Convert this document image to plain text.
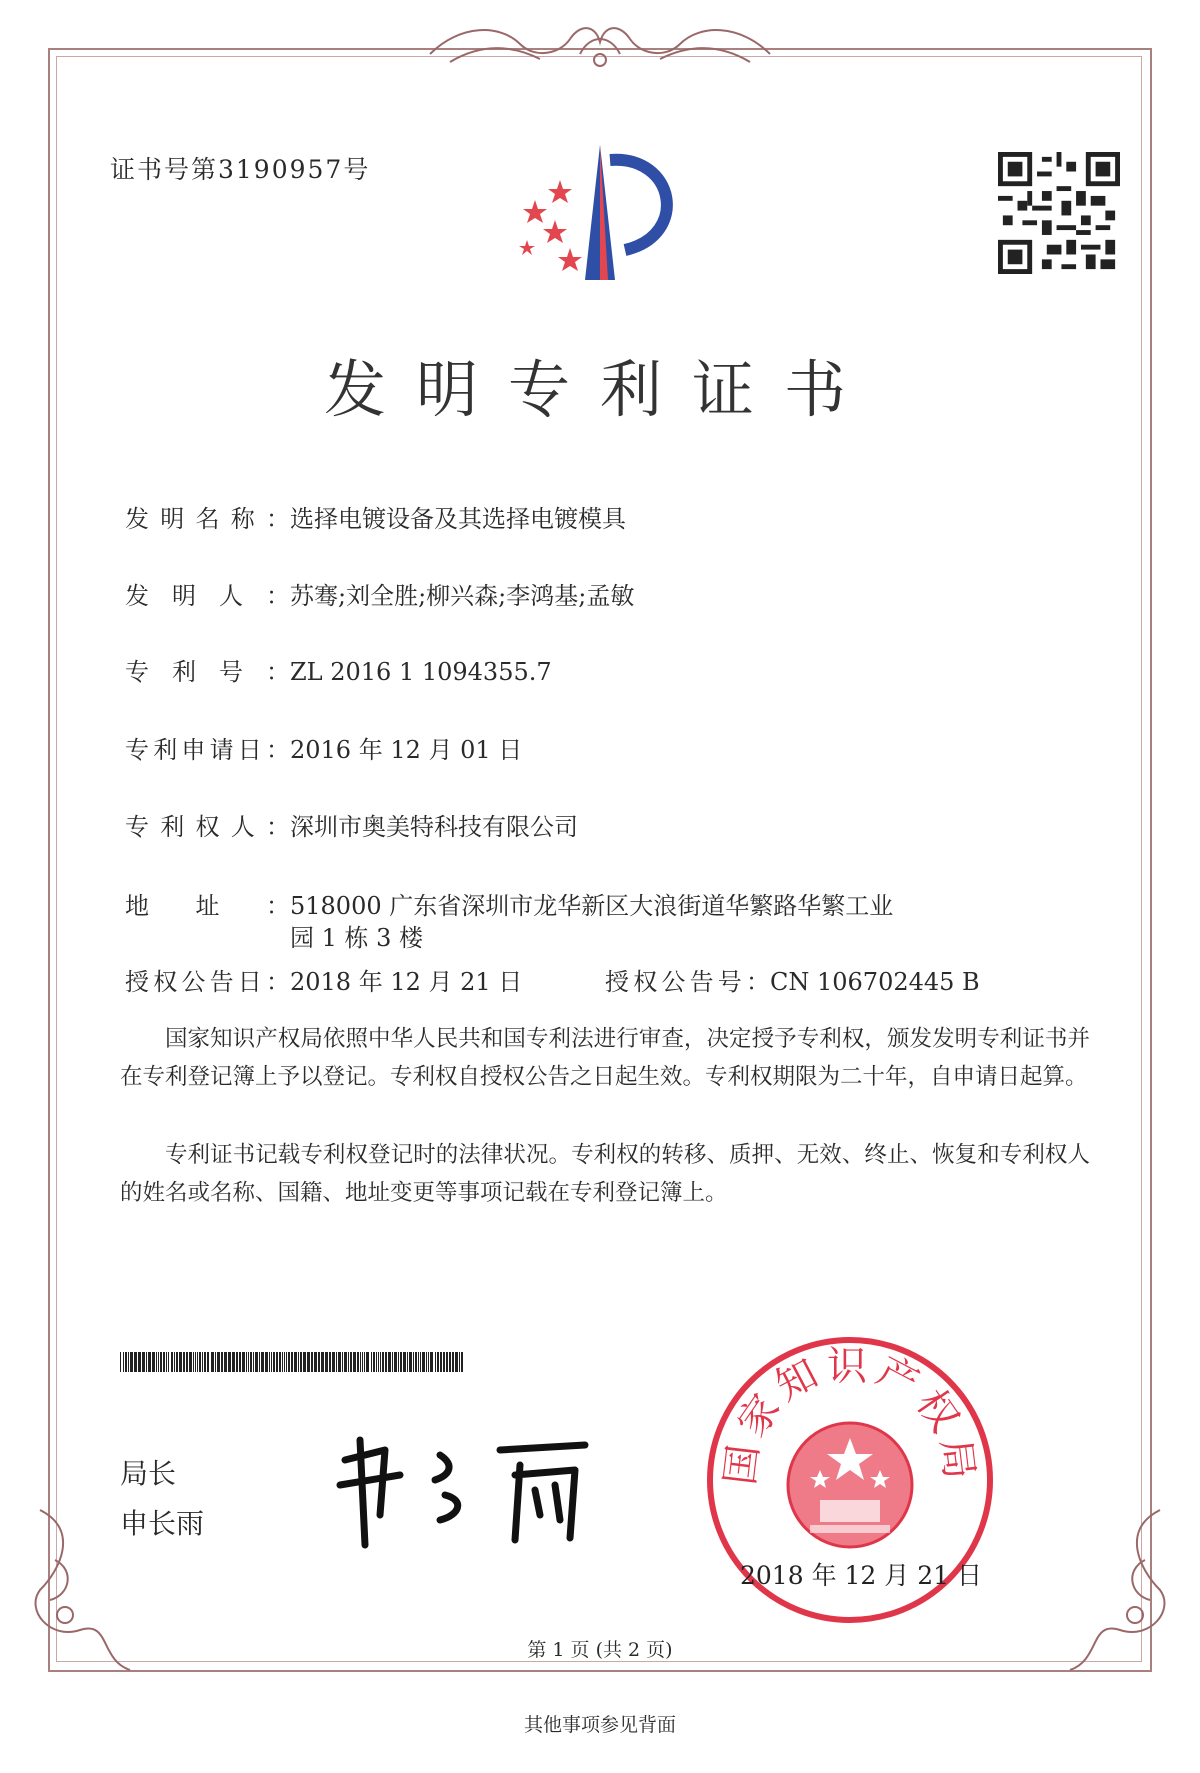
证书号第3190957号
发明专利证书
发明名称：选择电镀设备及其选择电镀模具
发明人：苏骞;刘全胜;柳兴森;李鸿基;孟敏
专利号：ZL 2016 1 1094355.7
专利申请日：2016 年 12 月 01 日
专利权人：深圳市奥美特科技有限公司
地址：518000 广东省深圳市龙华新区大浪街道华繁路华繁工业
园 1 栋 3 楼
授权公告日：2018 年 12 月 21 日	授权公告号：CN 106702445 B
国家知识产权局依照中华人民共和国专利法进行审查，决定授予专利权，颁发发明专利证书并在专利登记簿上予以登记。专利权自授权公告之日起生效。专利权期限为二十年，自申请日起算。
专利证书记载专利权登记时的法律状况。专利权的转移、质押、无效、终止、恢复和专利权人的姓名或名称、国籍、地址变更等事项记载在专利登记簿上。
局长
申长雨
国家知识产权局
2018 年 12 月 21 日
第 1 页 (共 2 页)
其他事项参见背面
